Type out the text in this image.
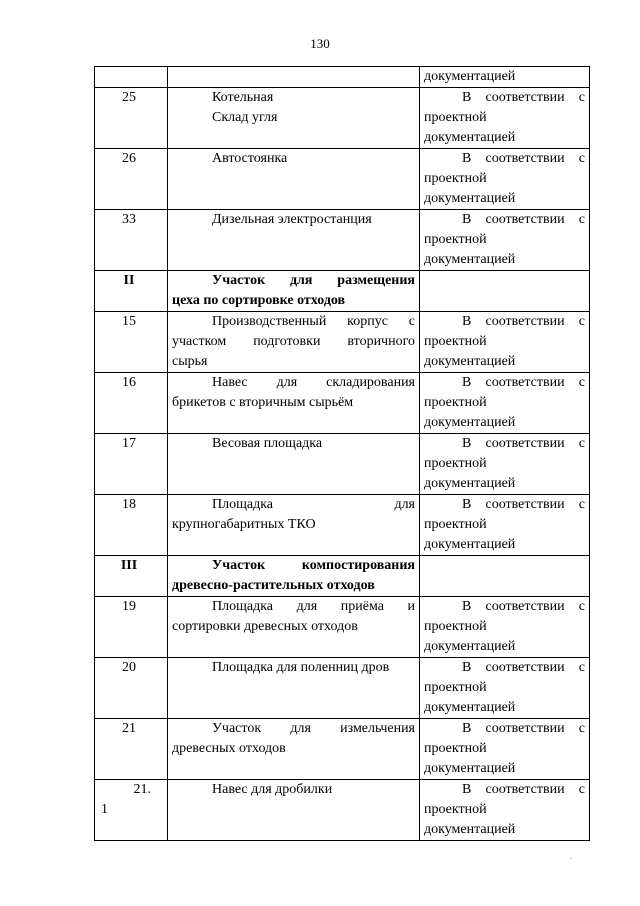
130

		документацией

25	Котельная
Склад угля	В соответствии с
проектной
документацией

26	Автостоянка	В соответствии с
проектной
документацией

33	Дизельная электростанция	В соответствии с
проектной
документацией

II	Участок для размещения
цеха по сортировке отходов	

15	Производственный корпус с
участком подготовки вторичного
сырья	В соответствии с
проектной
документацией

16	Навес для складирования
брикетов с вторичным сырьём	В соответствии с
проектной
документацией

17	Весовая площадка	В соответствии с
проектной
документацией

18	Площадка для
крупногабаритных ТКО	В соответствии с
проектной
документацией

III	Участок компостирования
древесно-растительных отходов	

19	Площадка для приёма и
сортировки древесных отходов	В соответствии с
проектной
документацией

20	Площадка для поленниц дров	В соответствии с
проектной
документацией

21	Участок для измельчения
древесных отходов	В соответствии с
проектной
документацией

21.
1	Навес для дробилки	В соответствии с
проектной
документацией
.
